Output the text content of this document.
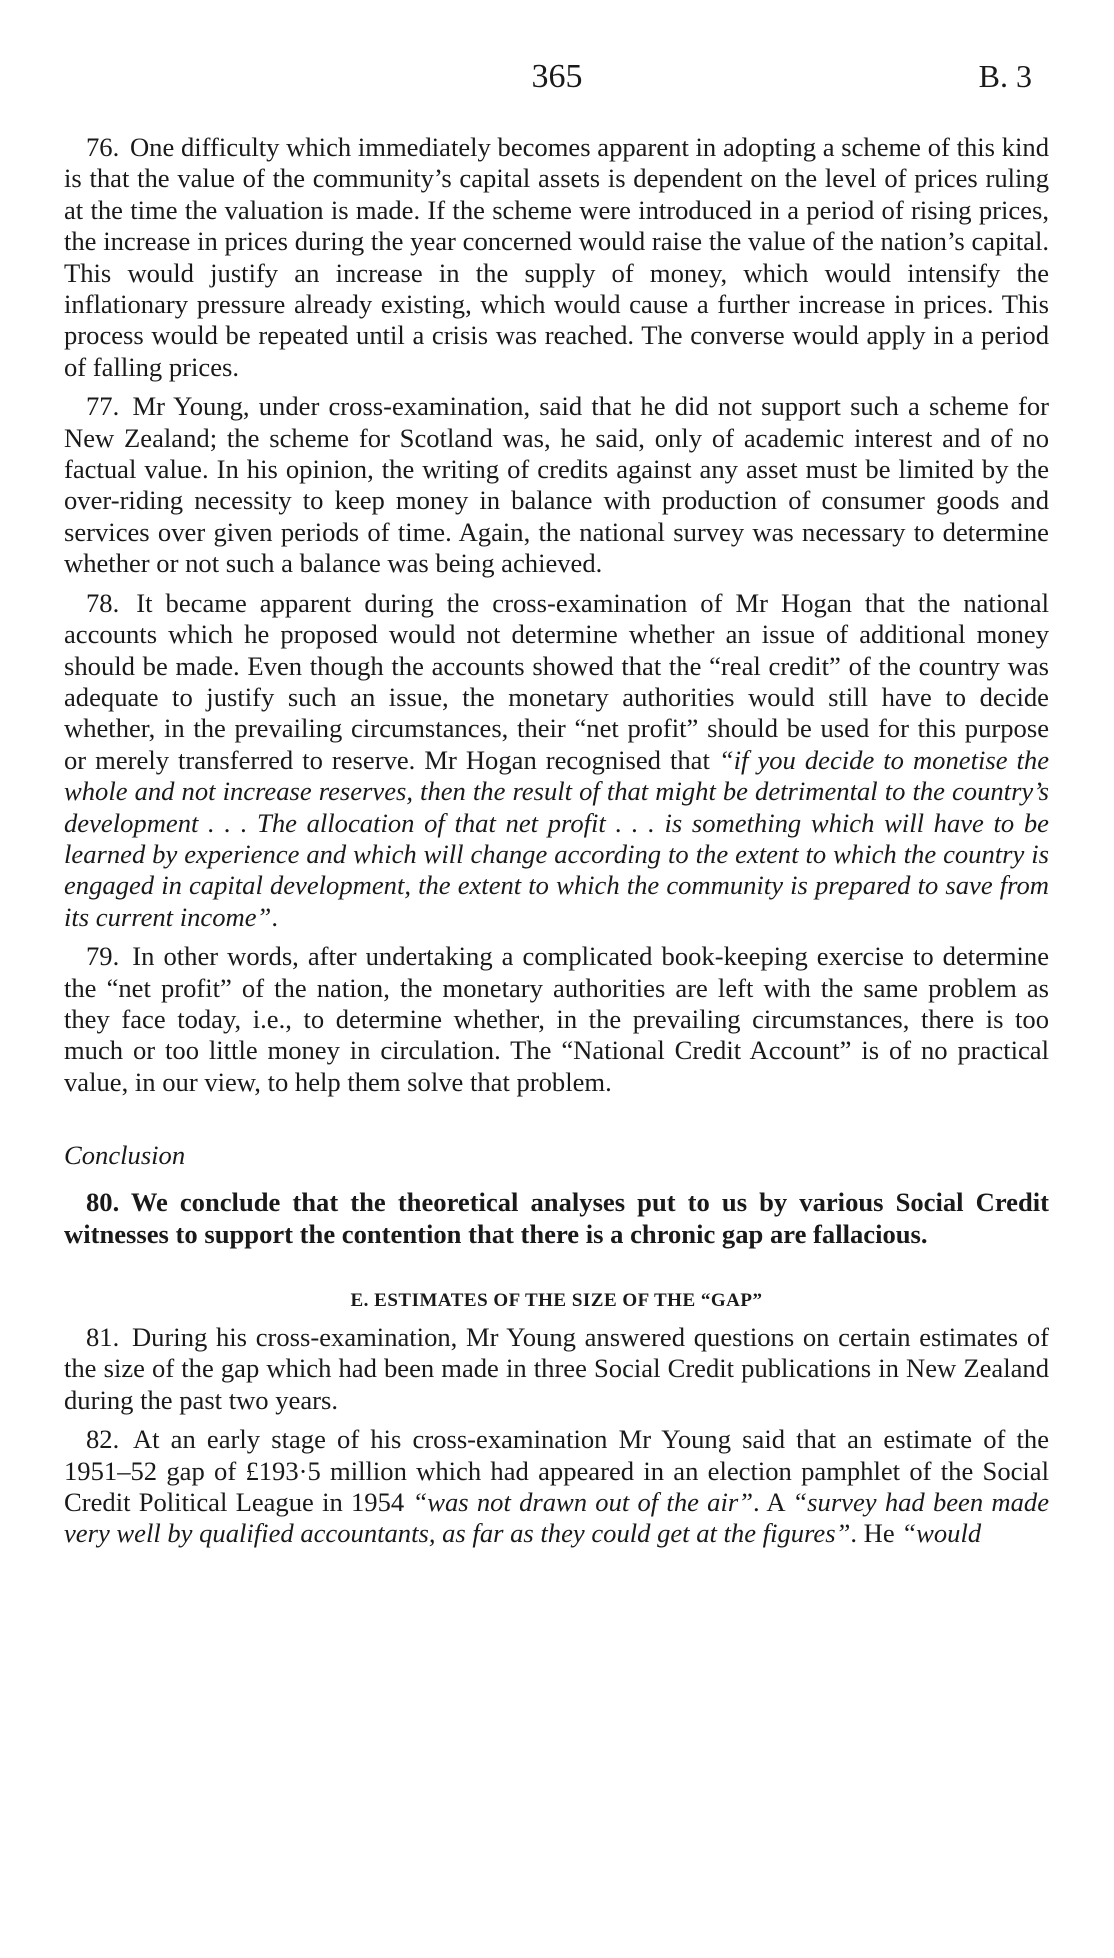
365	B. 3

76. One difficulty which immediately becomes apparent in adopting a scheme of this kind is that the value of the community’s capital assets is dependent on the level of prices ruling at the time the valuation is made. If the scheme were introduced in a period of rising prices, the increase in prices during the year concerned would raise the value of the nation’s capital. This would justify an increase in the supply of money, which would intensify the inflationary pressure already existing, which would cause a further increase in prices. This process would be repeated until a crisis was reached. The converse would apply in a period of falling prices.

77. Mr Young, under cross-examination, said that he did not support such a scheme for New Zealand; the scheme for Scotland was, he said, only of academic interest and of no factual value. In his opinion, the writing of credits against any asset must be limited by the over-riding necessity to keep money in balance with production of consumer goods and services over given periods of time. Again, the national survey was necessary to determine whether or not such a balance was being achieved.

78. It became apparent during the cross-examination of Mr Hogan that the national accounts which he proposed would not determine whether an issue of additional money should be made. Even though the accounts showed that the “real credit” of the country was adequate to justify such an issue, the monetary authorities would still have to decide whether, in the prevailing circumstances, their “net profit” should be used for this purpose or merely transferred to reserve. Mr Hogan recognised that “if you decide to monetise the whole and not increase reserves, then the result of that might be detrimental to the country’s development . . . The allocation of that net profit . . . is something which will have to be learned by experience and which will change according to the extent to which the country is engaged in capital development, the extent to which the community is prepared to save from its current income”.

79. In other words, after undertaking a complicated book-keeping exercise to determine the “net profit” of the nation, the monetary authorities are left with the same problem as they face today, i.e., to determine whether, in the prevailing circumstances, there is too much or too little money in circulation. The “National Credit Account” is of no practical value, in our view, to help them solve that problem.

Conclusion

80. We conclude that the theoretical analyses put to us by various Social Credit witnesses to support the contention that there is a chronic gap are fallacious.

E. ESTIMATES OF THE SIZE OF THE “GAP”

81. During his cross-examination, Mr Young answered questions on certain estimates of the size of the gap which had been made in three Social Credit publications in New Zealand during the past two years.

82. At an early stage of his cross-examination Mr Young said that an estimate of the 1951–52 gap of £193·5 million which had appeared in an election pamphlet of the Social Credit Political League in 1954 “was not drawn out of the air”. A “survey had been made very well by qualified accountants, as far as they could get at the figures”. He “would
